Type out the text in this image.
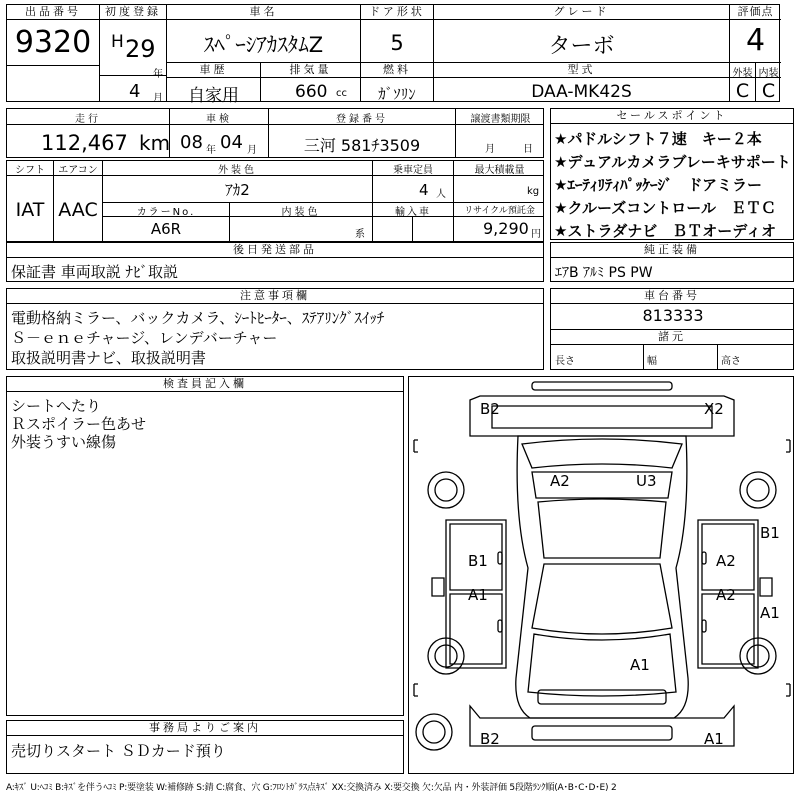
出品番号
9320
初度登録
H 29
年
4 月
車名
ｽﾍﾟｰｼｱｶｽﾀﾑZ
ドア形状
5
グレード
ターボ
評価点
4
車歴
自家用
排気量
660 cc
燃料
ｶﾞｿﾘﾝ
型式
DAA-MK42S
外装 内装
C C
走行
112,467 km
車検
08 年 04 月
登録番号
三河 581ﾁ3509
譲渡書類期限
月	日
セールスポイント
★パドルシフト７速　キー２本
★デュアルカメラブレーキサポート
★ｴｰﾃｨﾘﾃｨﾊﾟｯｹｰｼﾞ　ドアミラー
★クルーズコントロール　ＥＴＣ
★ストラダナビ　ＢＴオーディオ
シフト
IAT
エアコン
AAC
外装色
ｱｶ2
乗車定員
4 人
最大積載量
kg
カラーNo.
A6R
内装色
系
輸入車	リサイクル預託金
9,290 円
後日発送部品
保証書 車両取説 ﾅﾋﾞ取説
純正装備
ｴｱB ｱﾙﾐ PS PW
注意事項欄
電動格納ミラー、バックカメラ、ｼｰﾄﾋｰﾀｰ、ｽﾃｱﾘﾝｸﾞｽｲｯﾁ
Ｓ－ｅｎｅチャージ、レンデバーチャー
取扱説明書ナビ、取扱説明書
車台番号
813333
諸元
長さ	幅	高さ
検査員記入欄
シートへたり
Ｒスポイラー色あせ
外装うすい線傷
事務局よりご案内
売切りスタート ＳＤカード預り
B2	X2
A2	U3
B1
A1
A2
A2
B1
A1
A1
B2	A1
A:ｷｽﾞ U:ﾍｺﾐ B:ｷｽﾞを伴うﾍｺﾐ P:要塗装 W:補修跡 S:錆 C:腐食、穴 G:ﾌﾛﾝﾄｶﾞﾗｽ点ｷｽﾞ XX:交換済み X:要交換 欠:欠品 内・外装評価 5段階ﾗﾝｸ順(A･B･C･D･E) 2
